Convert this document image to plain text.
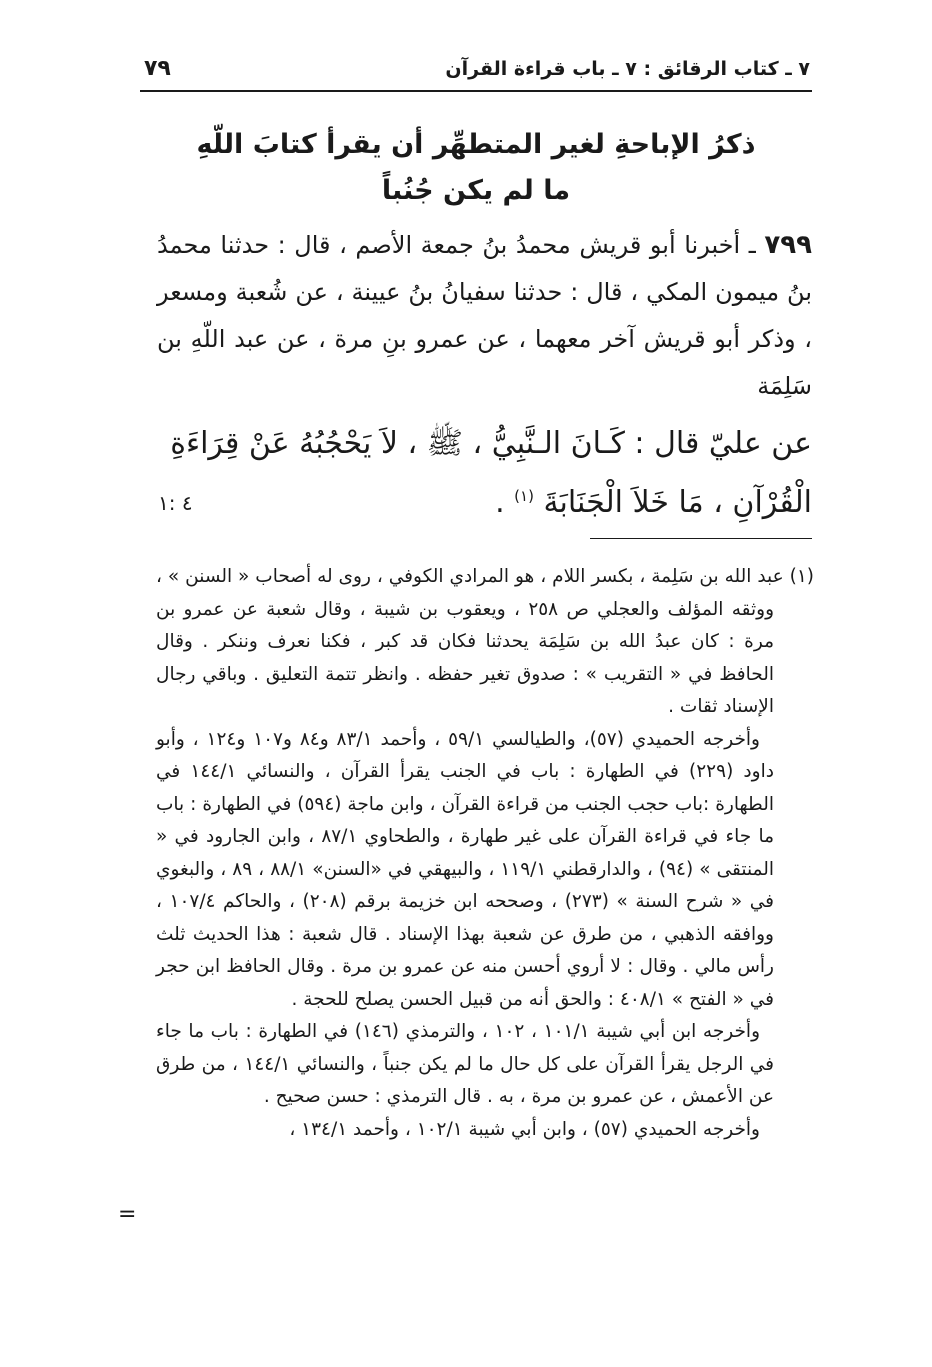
٧ ـ كتاب الرقائق : ٧ ـ باب قراءة القرآن
٧٩
ذكرُ الإباحةِ لغير المتطهِّر أن يقرأ كتابَ اللّهِ
ما لم يكن جُنُباً
٧٩٩ ـ أخبرنا أبو قريش محمدُ بنُ جمعة الأصم ، قال : حدثنا محمدُ بنُ ميمون المكي ، قال : حدثنا سفيانُ بنُ عيينة ، عن شُعبة ومسعر ، وذكر أبو قريش آخر معهما ، عن عمرو بنِ مرة ، عن عبد اللّهِ بن سَلِمَة
عن عليّ قال : كَـانَ الـنَّبِيُّ ، ﷺ ، لاَ يَحْجُبُهُ عَنْ قِرَاءَةِ
الْقُرْآنِ ، مَا خَلاَ الْجَنَابَةَ $^{(١)}$ .
٤ :١

(١) عبد الله بن سَلِمة ، بكسر اللام ، هو المرادي الكوفي ، روى له أصحاب « السنن » ، ووثقه المؤلف والعجلي ص ٢٥٨ ، ويعقوب بن شيبة ، وقال شعبة عن عمرو بن مرة : كان عبدُ الله بن سَلِمَة يحدثنا فكان قد كبر ، فكنا نعرف وننكر . وقال الحافظ في « التقريب » : صدوق تغير حفظه . وانظر تتمة التعليق . وباقي رجال الإسناد ثقات .

وأخرجه الحميدي (٥٧)، والطيالسي ٥٩/١ ، وأحمد ٨٣/١ و٨٤ و١٠٧ و١٢٤ ، وأبو داود (٢٢٩) في الطهارة : باب في الجنب يقرأ القرآن ، والنسائي ١٤٤/١ في الطهارة :باب حجب الجنب من قراءة القرآن ، وابن ماجة (٥٩٤) في الطهارة : باب ما جاء في قراءة القرآن على غير طهارة ، والطحاوي ٨٧/١ ، وابن الجارود في « المنتقى » (٩٤) ، والدارقطني ١١٩/١ ، والبيهقي في «السنن» ٨٨/١ ، ٨٩ ، والبغوي في « شرح السنة » (٢٧٣) ، وصححه ابن خزيمة برقم (٢٠٨) ، والحاكم ١٠٧/٤ ، ووافقه الذهبي ، من طرق عن شعبة بهذا الإسناد . قال شعبة : هذا الحديث ثلث رأس مالي . وقال : لا أروي أحسن منه عن عمرو بن مرة . وقال الحافظ ابن حجر في « الفتح » ٤٠٨/١ : والحق أنه من قبيل الحسن يصلح للحجة .

وأخرجه ابن أبي شيبة ١٠١/١ ، ١٠٢ ، والترمذي (١٤٦) في الطهارة : باب ما جاء في الرجل يقرأ القرآن على كل حال ما لم يكن جنباً ، والنسائي ١٤٤/١ ، من طرق عن الأعمش ، عن عمرو بن مرة ، به . قال الترمذي : حسن صحيح .

وأخرجه الحميدي (٥٧) ، وابن أبي شيبة ١٠٢/١ ، وأحمد ١٣٤/١ ،

=
